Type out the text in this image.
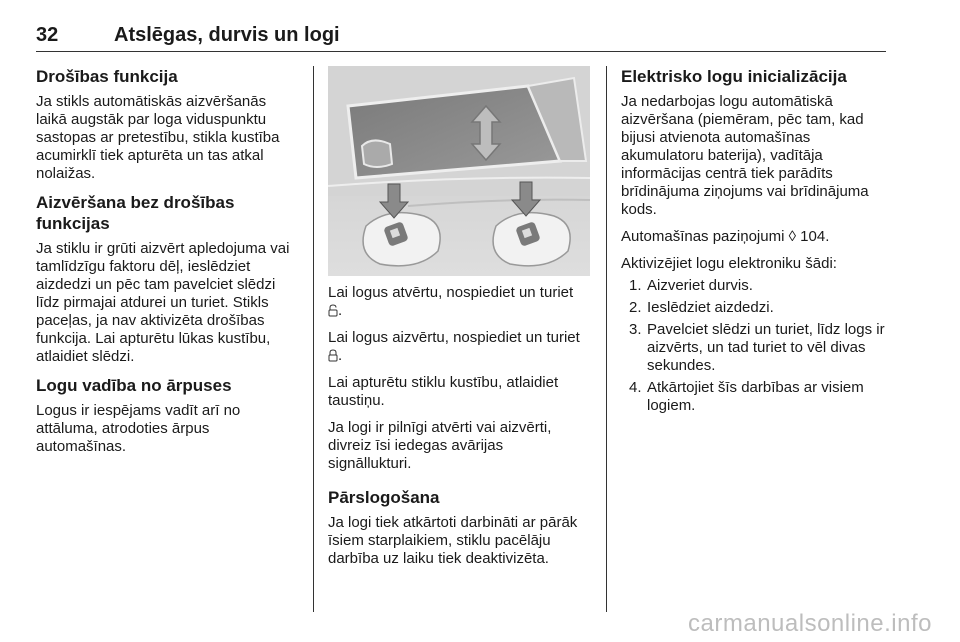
32	Atslēgas, durvis un logi
Drošības funkcija

Ja stikls automātiskās aizvēršanās laikā augstāk par loga viduspunktu sastopas ar pretestību, stikla kustība acumirklī tiek apturēta un tas atkal nolaižas.

Aizvēršana bez drošības funkcijas

Ja stiklu ir grūti aizvērt apledojuma vai tamlīdzīgu faktoru dēļ, ieslēdziet aizdedzi un pēc tam pavelciet slēdzi līdz pirmajai atdurei un turiet. Stikls paceļas, ja nav aktivizēta drošības funkcija. Lai apturētu lūkas kustību, atlaidiet slēdzi.

Logu vadība no ārpuses

Logus ir iespējams vadīt arī no attāluma, atrodoties ārpus automašīnas.

Lai logus atvērtu, nospiediet un turiet
.

Lai logus aizvērtu, nospiediet un turiet
.

Lai apturētu stiklu kustību, atlaidiet taustiņu.

Ja logi ir pilnīgi atvērti vai aizvērti, divreiz īsi iedegas avārijas signāllukturi.

Pārslogošana

Ja logi tiek atkārtoti darbināti ar pārāk īsiem starplaikiem, stiklu pacēlāju darbība uz laiku tiek deaktivizēta.

Elektrisko logu inicializācija

Ja nedarbojas logu automātiskā aizvēršana (piemēram, pēc tam, kad bijusi atvienota automašīnas akumulatoru baterija), vadītāja informācijas centrā tiek parādīts brīdinājuma ziņojums vai brīdinājuma kods.

Automašīnas paziņojumi ◊ 104.

Aktivizējiet logu elektroniku šādi:

1. Aizveriet durvis.
2. Ieslēdziet aizdedzi.
3. Pavelciet slēdzi un turiet, līdz logs ir aizvērts, un tad turiet to vēl divas sekundes.
4. Atkārtojiet šīs darbības ar visiem logiem.
carmanualsonline.info
